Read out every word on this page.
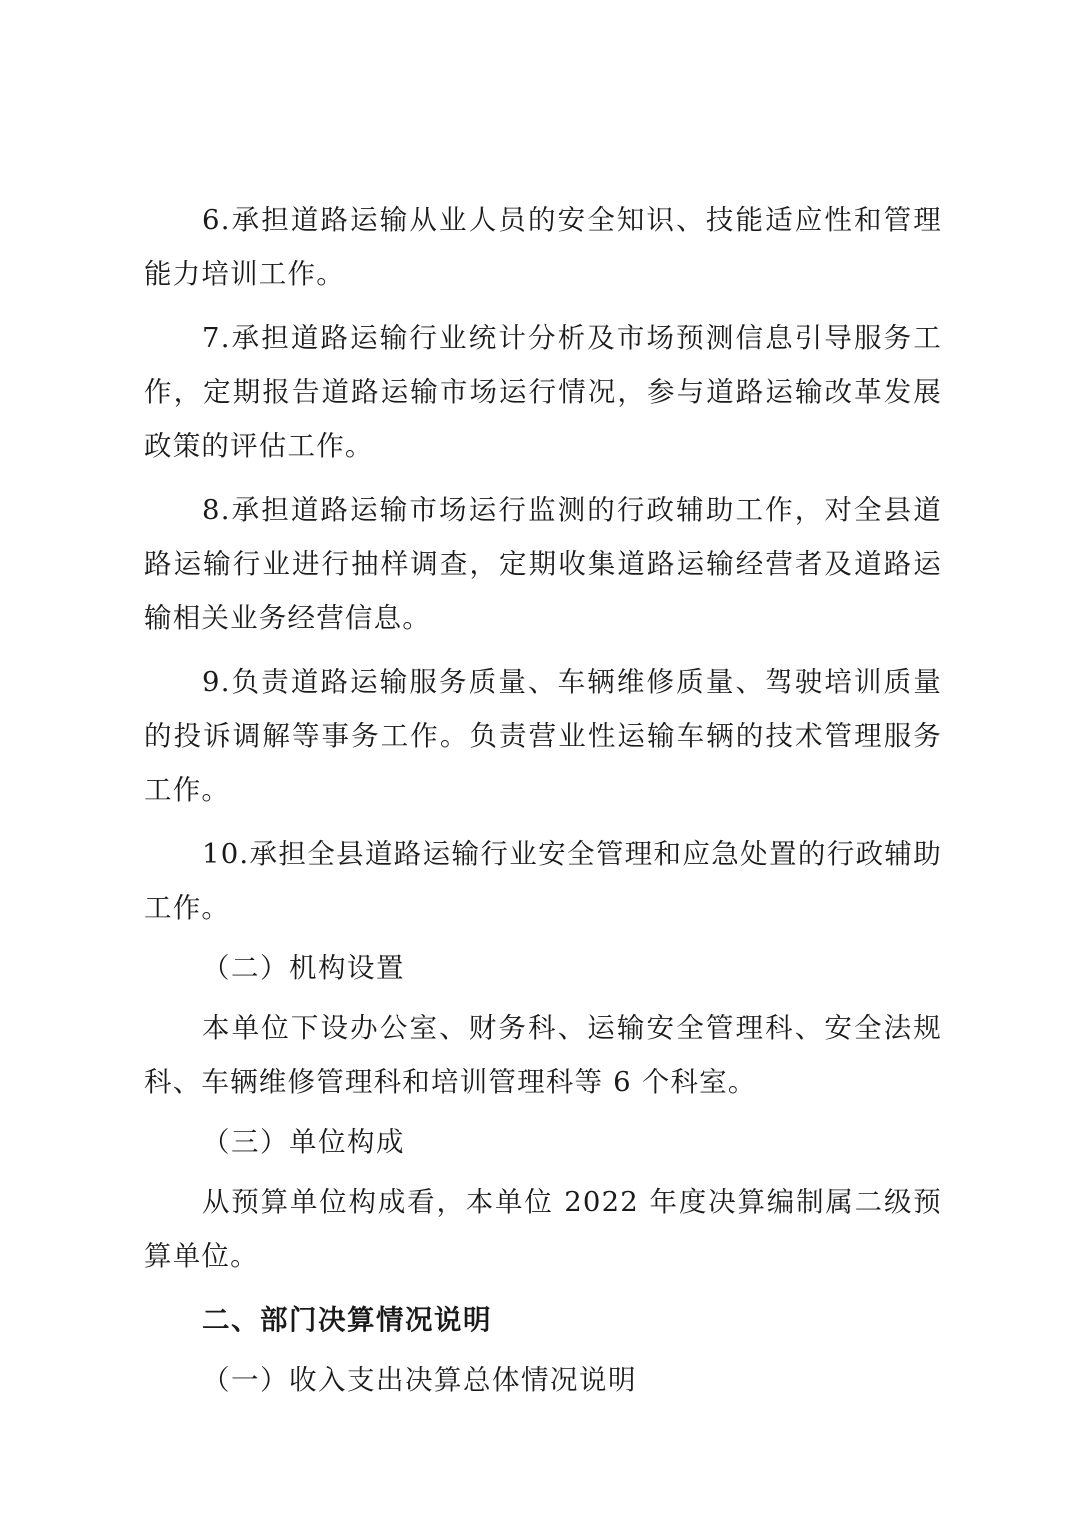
6.承担道路运输从业人员的安全知识、技能适应性和管理能力培训工作。

7.承担道路运输行业统计分析及市场预测信息引导服务工作，定期报告道路运输市场运行情况，参与道路运输改革发展政策的评估工作。

8.承担道路运输市场运行监测的行政辅助工作，对全县道路运输行业进行抽样调查，定期收集道路运输经营者及道路运输相关业务经营信息。

9.负责道路运输服务质量、车辆维修质量、驾驶培训质量的投诉调解等事务工作。负责营业性运输车辆的技术管理服务工作。

10.承担全县道路运输行业安全管理和应急处置的行政辅助工作。

（二）机构设置

本单位下设办公室、财务科、运输安全管理科、安全法规科、车辆维修管理科和培训管理科等 6 个科室。

（三）单位构成

从预算单位构成看，本单位 2022 年度决算编制属二级预算单位。

二、部门决算情况说明

（一）收入支出决算总体情况说明
